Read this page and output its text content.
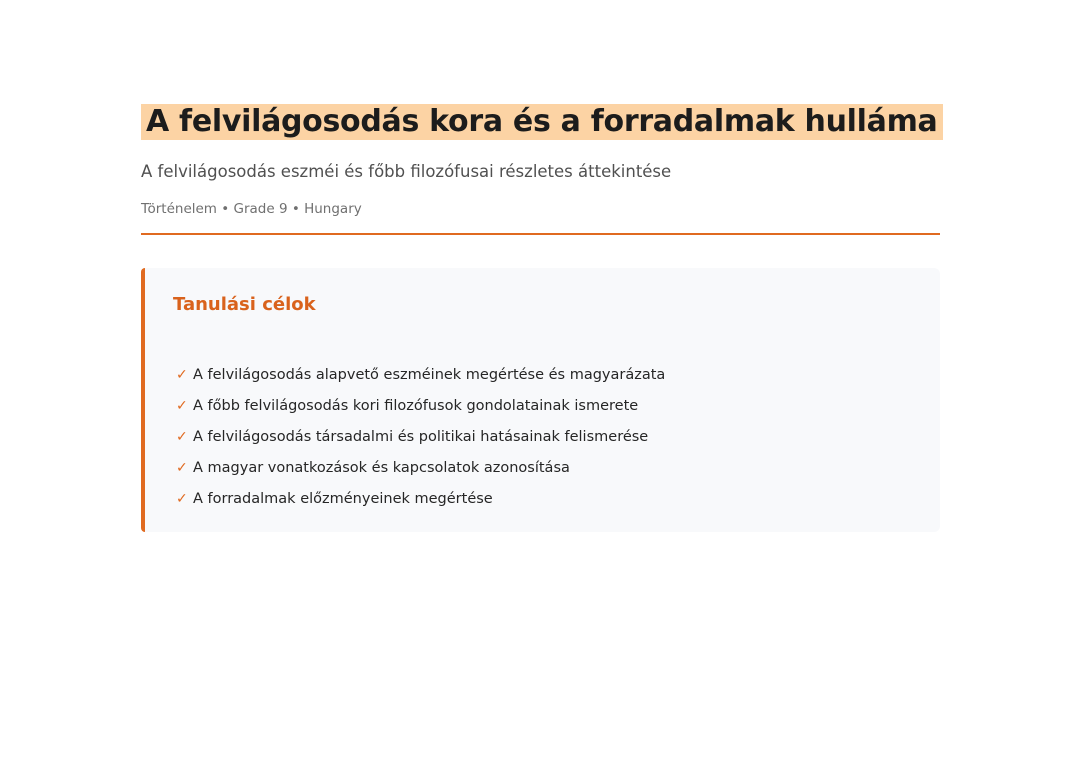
A felvilágosodás kora és a forradalmak hulláma
A felvilágosodás eszméi és főbb filozófusai részletes áttekintése
Történelem • Grade 9 • Hungary
Tanulási célok
✓ A felvilágosodás alapvető eszméinek megértése és magyarázata
✓ A főbb felvilágosodás kori filozófusok gondolatainak ismerete
✓ A felvilágosodás társadalmi és politikai hatásainak felismerése
✓ A magyar vonatkozások és kapcsolatok azonosítása
✓ A forradalmak előzményeinek megértése
